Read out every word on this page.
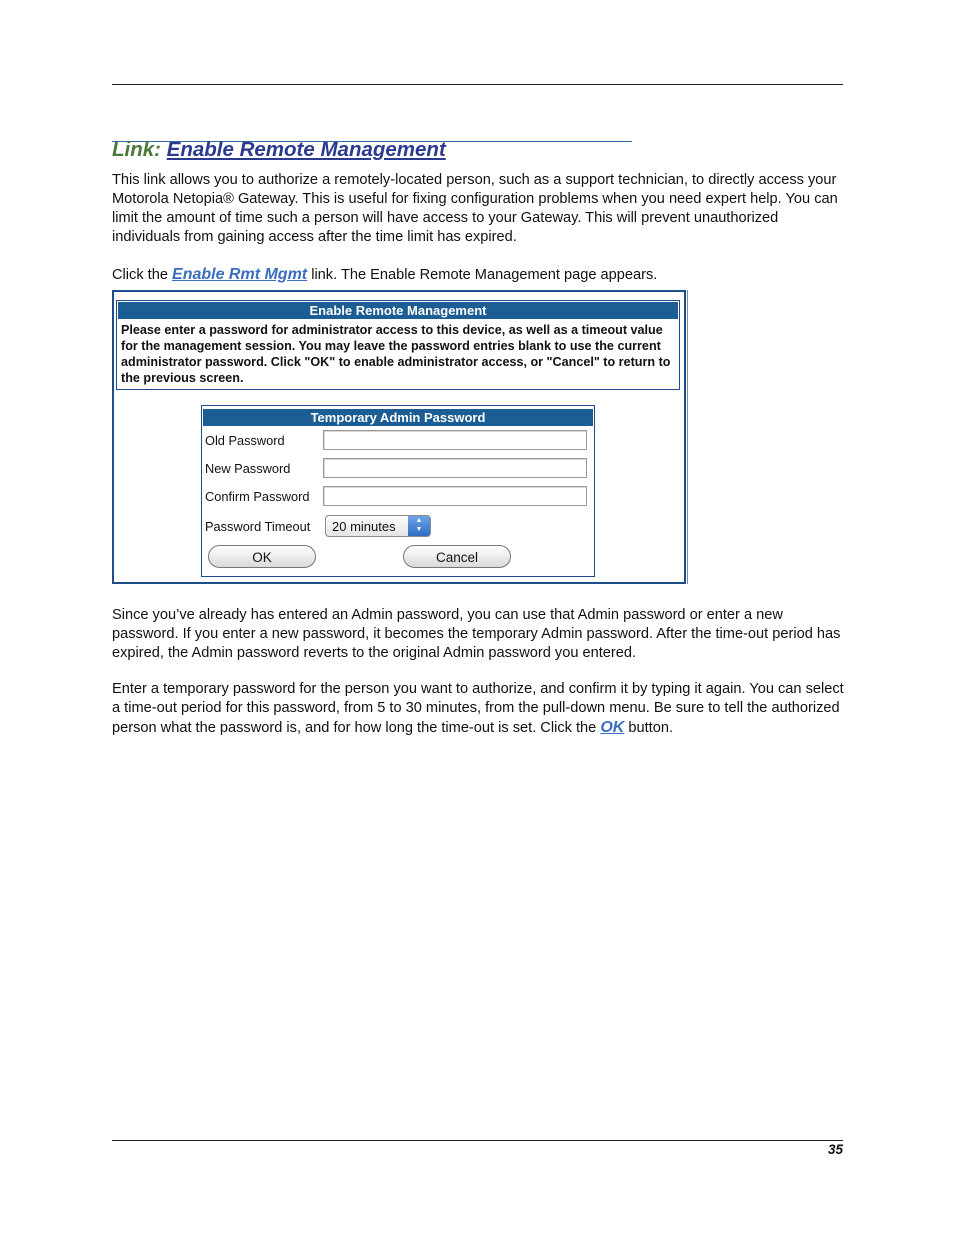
Link: Enable Remote Management
This link allows you to authorize a remotely-located person, such as a support technician, to directly access your Motorola Netopia® Gateway. This is useful for fixing configuration problems when you need expert help. You can limit the amount of time such a person will have access to your Gateway. This will prevent unauthorized individuals from gaining access after the time limit has expired.
Click the Enable Rmt Mgmt link. The Enable Remote Management page appears.
Enable Remote Management
Please enter a password for administrator access to this device, as well as a timeout value for the management session. You may leave the password entries blank to use the current administrator password. Click "OK" to enable administrator access, or "Cancel" to return to the previous screen.
Temporary Admin Password
Old Password
New Password
Confirm Password
Password Timeout 20 minutes	▲
▼
OK	Cancel
Since you’ve already has entered an Admin password, you can use that Admin password or enter a new password. If you enter a new password, it becomes the temporary Admin password. After the time-out period has expired, the Admin password reverts to the original Admin password you entered.
Enter a temporary password for the person you want to authorize, and confirm it by typing it again. You can select a time-out period for this password, from 5 to 30 minutes, from the pull-down menu. Be sure to tell the authorized person what the password is, and for how long the time-out is set. Click the OK button.
35
